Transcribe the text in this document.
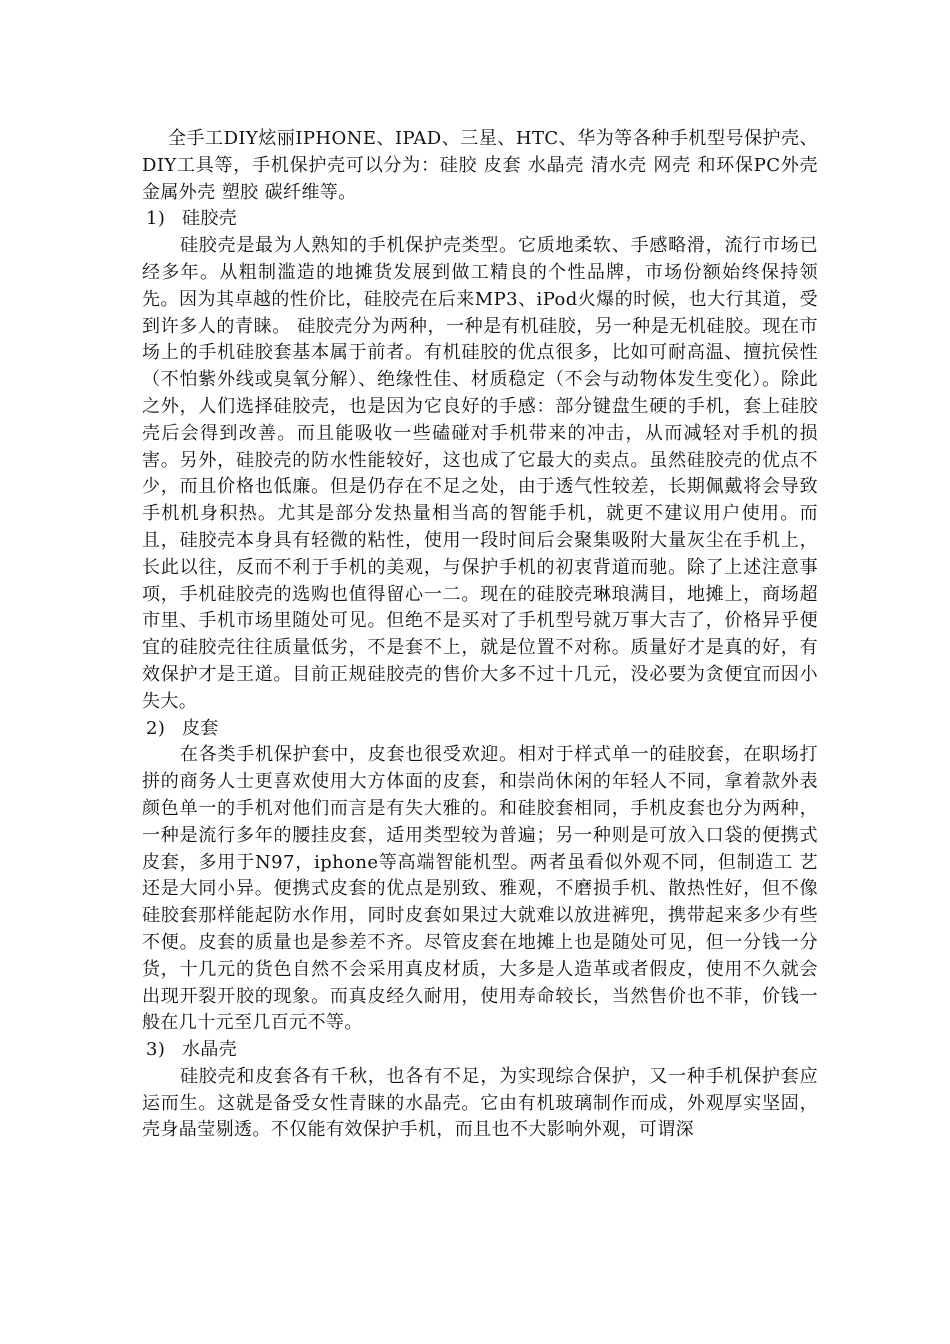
全手工DIY炫丽IPHONE、IPAD、三星、HTC、华为等各种手机型号保护壳、DIY工具等，手机保护壳可以分为：硅胶 皮套 水晶壳 清水壳 网壳 和环保PC外壳金属外壳 塑胶 碳纤维等。

1) 硅胶壳

硅胶壳是最为人熟知的手机保护壳类型。它质地柔软、手感略滑，流行市场已经多年。从粗制滥造的地摊货发展到做工精良的个性品牌，市场份额始终保持领先。因为其卓越的性价比，硅胶壳在后来MP3、iPod火爆的时候，也大行其道，受到许多人的青睐。 硅胶壳分为两种，一种是有机硅胶，另一种是无机硅胶。现在市场上的手机硅胶套基本属于前者。有机硅胶的优点很多，比如可耐高温、擅抗侯性（不怕紫外线或臭氧分解）、绝缘性佳、材质稳定（不会与动物体发生变化）。除此之外，人们选择硅胶壳，也是因为它良好的手感：部分键盘生硬的手机，套上硅胶壳后会得到改善。而且能吸收一些磕碰对手机带来的冲击，从而减轻对手机的损害。另外，硅胶壳的防水性能较好，这也成了它最大的卖点。虽然硅胶壳的优点不少，而且价格也低廉。但是仍存在不足之处，由于透气性较差，长期佩戴将会导致手机机身积热。尤其是部分发热量相当高的智能手机，就更不建议用户使用。而且，硅胶壳本身具有轻微的粘性，使用一段时间后会聚集吸附大量灰尘在手机上，长此以往，反而不利于手机的美观，与保护手机的初衷背道而驰。除了上述注意事项，手机硅胶壳的选购也值得留心一二。现在的硅胶壳琳琅满目，地摊上，商场超市里、手机市场里随处可见。但绝不是买对了手机型号就万事大吉了，价格异乎便宜的硅胶壳往往质量低劣，不是套不上，就是位置不对称。质量好才是真的好，有效保护才是王道。目前正规硅胶壳的售价大多不过十几元，没必要为贪便宜而因小失大。

2) 皮套

在各类手机保护套中，皮套也很受欢迎。相对于样式单一的硅胶套，在职场打拼的商务人士更喜欢使用大方体面的皮套，和崇尚休闲的年轻人不同，拿着款外表颜色单一的手机对他们而言是有失大雅的。和硅胶套相同，手机皮套也分为两种，一种是流行多年的腰挂皮套，适用类型较为普遍；另一种则是可放入口袋的便携式皮套，多用于N97，iphone等高端智能机型。两者虽看似外观不同，但制造工 艺还是大同小异。便携式皮套的优点是别致、雅观，不磨损手机、散热性好，但不像硅胶套那样能起防水作用，同时皮套如果过大就难以放进裤兜，携带起来多少有些不便。皮套的质量也是参差不齐。尽管皮套在地摊上也是随处可见，但一分钱一分货，十几元的货色自然不会采用真皮材质，大多是人造革或者假皮，使用不久就会出现开裂开胶的现象。而真皮经久耐用，使用寿命较长，当然售价也不菲，价钱一般在几十元至几百元不等。

3) 水晶壳

硅胶壳和皮套各有千秋，也各有不足，为实现综合保护，又一种手机保护套应运而生。这就是备受女性青睐的水晶壳。它由有机玻璃制作而成，外观厚实坚固，壳身晶莹剔透。不仅能有效保护手机，而且也不大影响外观，可谓深
